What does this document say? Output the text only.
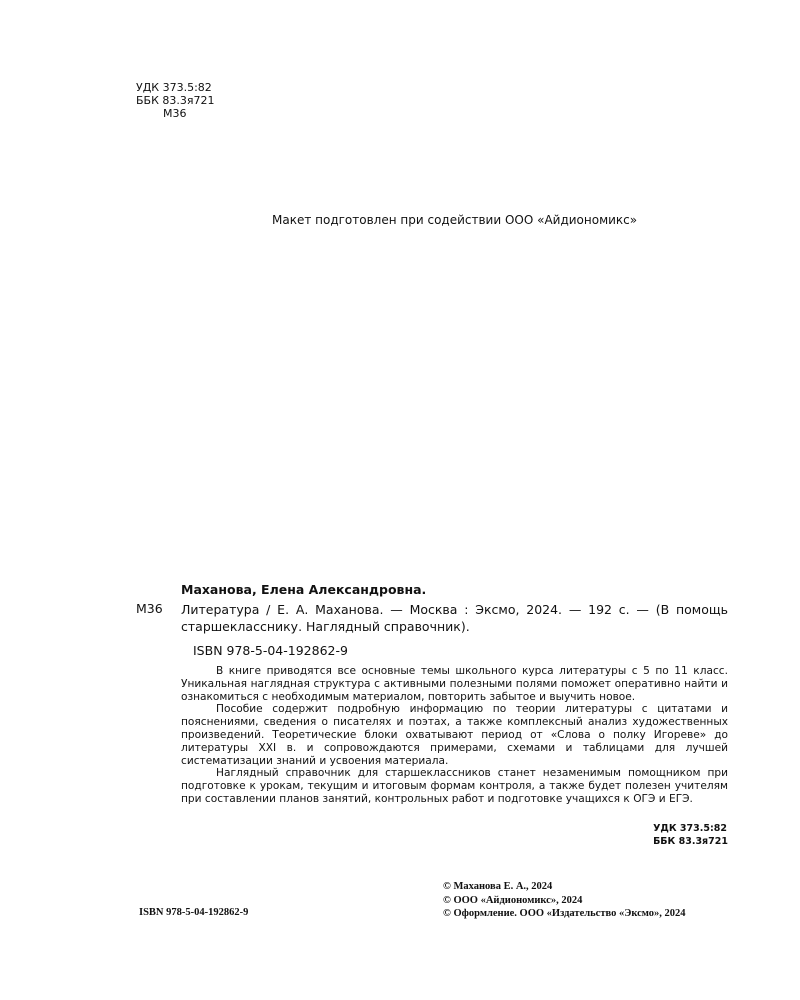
УДК 373.5:82
ББК 83.3я721
М36
Макет подготовлен при содействии ООО «Айдиономикс»
Маханова, Елена Александровна.
М36 Литература / Е. А. Маханова. — Москва : Эксмо, 2024. — 192 с. — (В помощь старшекласснику. Наглядный справочник).
ISBN 978-5-04-192862-9

В книге приводятся все основные темы школьного курса литературы с 5 по 11 класс. Уникальная наглядная структура с активными полезными полями поможет оперативно найти и ознакомиться с необходимым материалом, повторить забытое и выучить новое.

Пособие содержит подробную информацию по теории литературы с цитатами и пояснениями, сведения о писателях и поэтах, а также комплексный анализ художественных произведений. Теоретические блоки охватывают период от «Слова о полку Игореве» до литературы XXI в. и сопровождаются примерами, схемами и таблицами для лучшей систематизации знаний и усвоения материала.

Наглядный справочник для старшеклассников станет незаменимым помощником при подготовке к урокам, текущим и итоговым формам контроля, а также будет полезен учителям при составлении планов занятий, контрольных работ и подготовке учащихся к ОГЭ и ЕГЭ.

УДК 373.5:82
ББК 83.3я721
© Маханова Е. А., 2024
© ООО «Айдиономикс», 2024
© Оформление. ООО «Издательство «Эксмо», 2024
ISBN 978-5-04-192862-9
